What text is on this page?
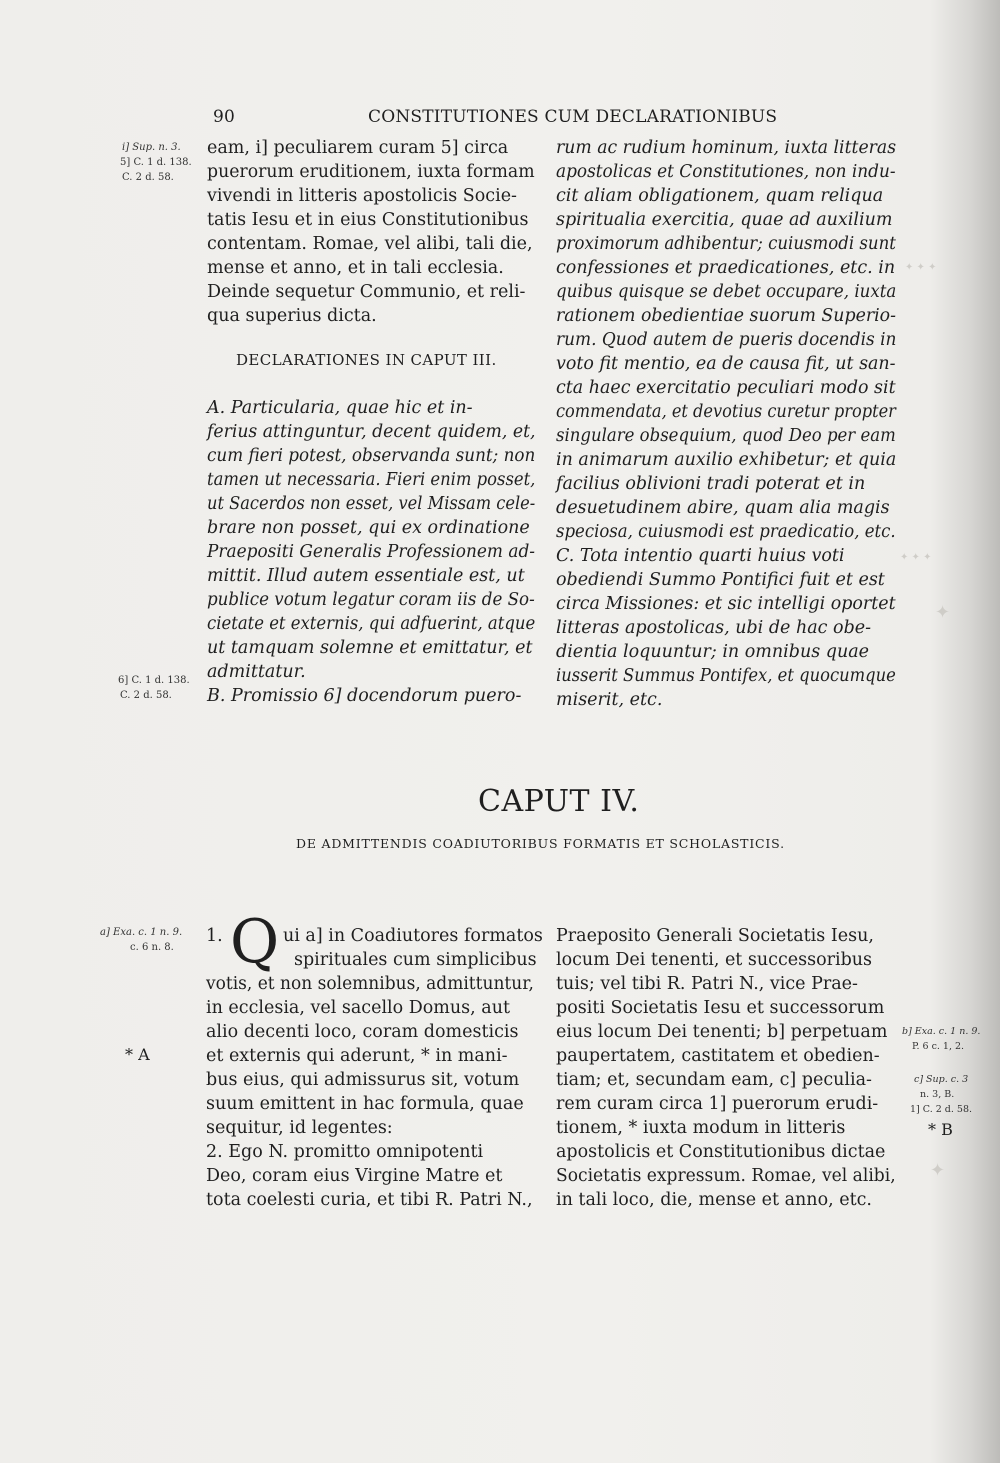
✦ ✦ ✦
✦ ✦ ✦
✦
✦
90	CONSTITUTIONES CUM DECLARATIONIBUS
i] Sup. n. 3.
5] C. 1 d. 138.
C. 2 d. 58.
6] C. 1 d. 138.
C. 2 d. 58.
a] Exa. c. 1 n. 9.
c. 6 n. 8.
* A
b] Exa. c. 1 n. 9.
P. 6 c. 1, 2.
c] Sup. c. 3
n. 3, B.
1] C. 2 d. 58.
* B
eam, i] peculiarem curam 5] circa
puerorum eruditionem, iuxta formam
vivendi in litteris apostolicis Socie-
tatis Iesu et in eius Constitutionibus
contentam. Romae, vel alibi, tali die,
mense et anno, et in tali ecclesia.
Deinde sequetur Communio, et reli-
qua superius dicta.
DECLARATIONES IN CAPUT III.
A. Particularia, quae hic et in-
ferius attinguntur, decent quidem, et,
cum fieri potest, observanda sunt; non
tamen ut necessaria. Fieri enim posset,
ut Sacerdos non esset, vel Missam cele-
brare non posset, qui ex ordinatione
Praepositi Generalis Professionem ad-
mittit. Illud autem essentiale est, ut
publice votum legatur coram iis de So-
cietate et externis, qui adfuerint, atque
ut tamquam solemne et emittatur, et
admittatur.
B. Promissio 6] docendorum puero-
rum ac rudium hominum, iuxta litteras
apostolicas et Constitutiones, non indu-
cit aliam obligationem, quam reliqua
spiritualia exercitia, quae ad auxilium
proximorum adhibentur; cuiusmodi sunt
confessiones et praedicationes, etc. in
quibus quisque se debet occupare, iuxta
rationem obedientiae suorum Superio-
rum. Quod autem de pueris docendis in
voto fit mentio, ea de causa fit, ut san-
cta haec exercitatio peculiari modo sit
commendata, et devotius curetur propter
singulare obsequium, quod Deo per eam
in animarum auxilio exhibetur; et quia
facilius oblivioni tradi poterat et in
desuetudinem abire, quam alia magis
speciosa, cuiusmodi est praedicatio, etc.
C. Tota intentio quarti huius voti
obediendi Summo Pontifici fuit et est
circa Missiones: et sic intelligi oportet
litteras apostolicas, ubi de hac obe-
dientia loquuntur; in omnibus quae
iusserit Summus Pontifex, et quocumque
miserit, etc.
CAPUT IV.
DE ADMITTENDIS COADIUTORIBUS FORMATIS ET SCHOLASTICIS.
1. Q ui a] in Coadiutores formatos
spirituales cum simplicibus
votis, et non solemnibus, admittuntur,
in ecclesia, vel sacello Domus, aut
alio decenti loco, coram domesticis
et externis qui aderunt, * in mani-
bus eius, qui admissurus sit, votum
suum emittent in hac formula, quae
sequitur, id legentes:
2. Ego N. promitto omnipotenti
Deo, coram eius Virgine Matre et
tota coelesti curia, et tibi R. Patri N.,
Praeposito Generali Societatis Iesu,
locum Dei tenenti, et successoribus
tuis; vel tibi R. Patri N., vice Prae-
positi Societatis Iesu et successorum
eius locum Dei tenenti; b] perpetuam
paupertatem, castitatem et obedien-
tiam; et, secundam eam, c] peculia-
rem curam circa 1] puerorum erudi-
tionem, * iuxta modum in litteris
apostolicis et Constitutionibus dictae
Societatis expressum. Romae, vel alibi,
in tali loco, die, mense et anno, etc.
